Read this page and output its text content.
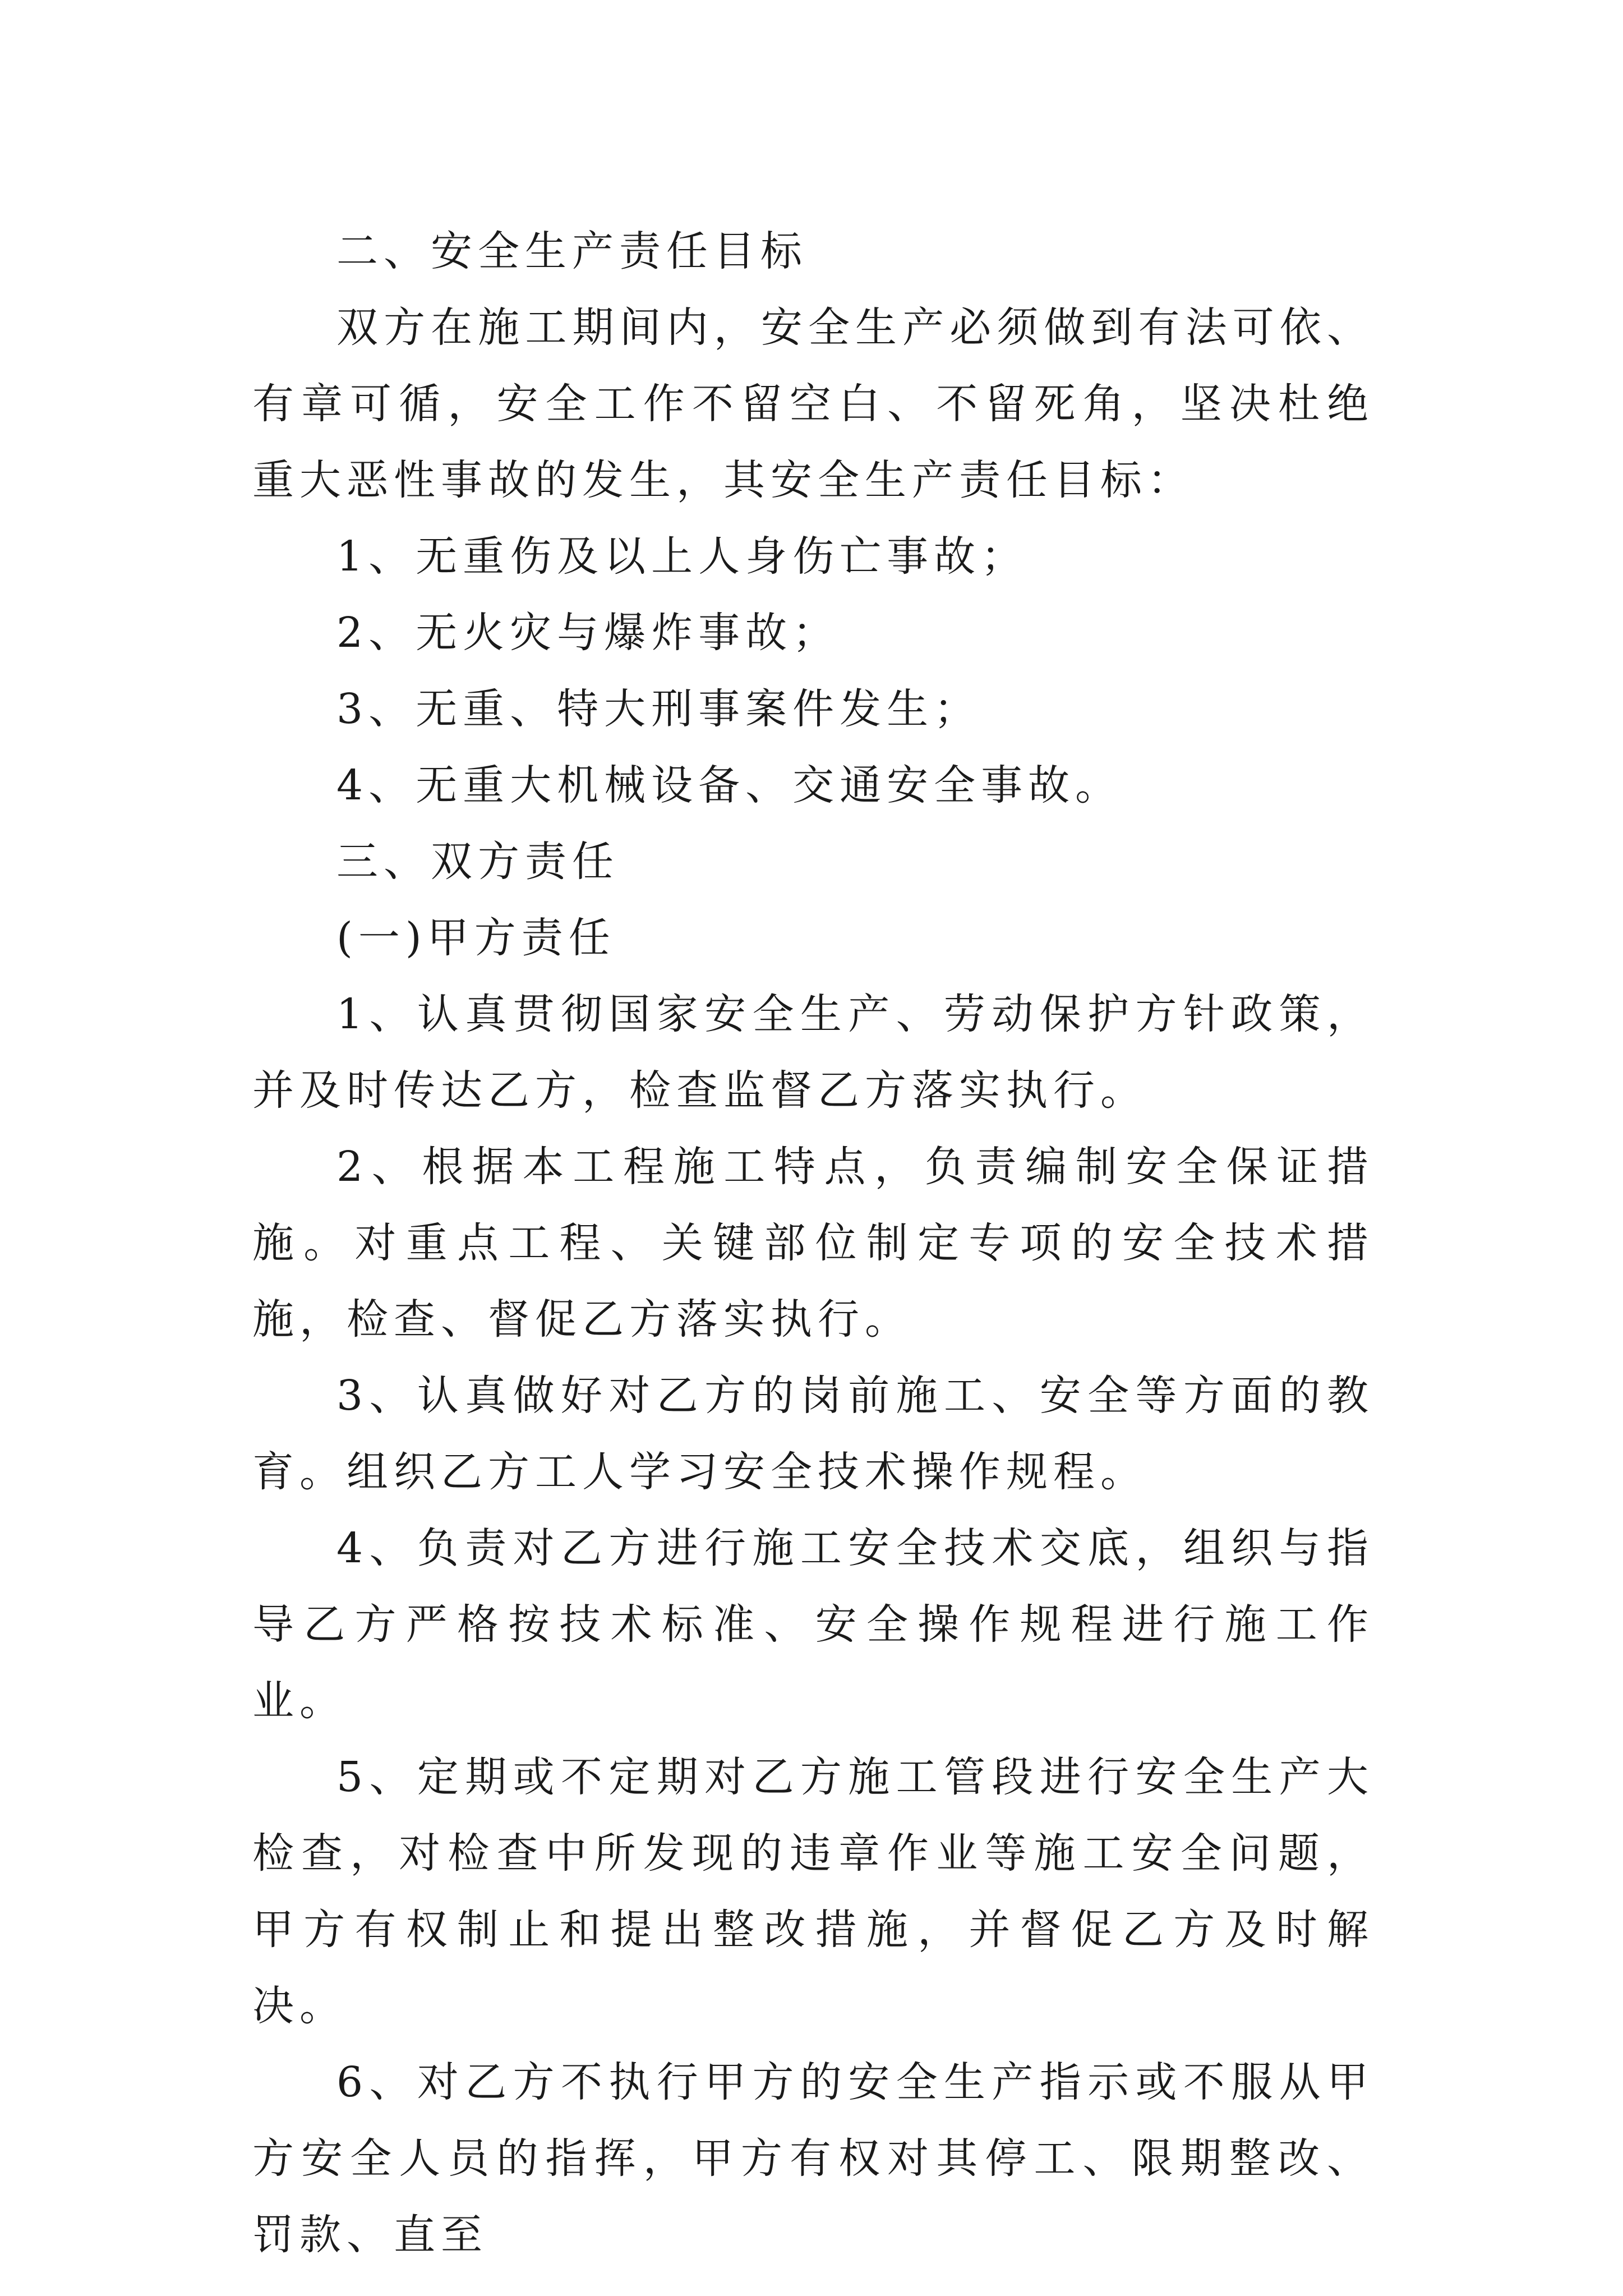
二、安全生产责任目标

双方在施工期间内，安全生产必须做到有法可依、有章可循，安全工作不留空白、不留死角，坚决杜绝重大恶性事故的发生，其安全生产责任目标：

1、无重伤及以上人身伤亡事故；

2、无火灾与爆炸事故；

3、无重、特大刑事案件发生；

4、无重大机械设备、交通安全事故。

三、双方责任

(一)甲方责任

1、认真贯彻国家安全生产、劳动保护方针政策，并及时传达乙方，检查监督乙方落实执行。

2、根据本工程施工特点，负责编制安全保证措施。对重点工程、关键部位制定专项的安全技术措施，检查、督促乙方落实执行。

3、认真做好对乙方的岗前施工、安全等方面的教育。组织乙方工人学习安全技术操作规程。

4、负责对乙方进行施工安全技术交底，组织与指导乙方严格按技术标准、安全操作规程进行施工作业。

5、定期或不定期对乙方施工管段进行安全生产大检查，对检查中所发现的违章作业等施工安全问题，甲方有权制止和提出整改措施，并督促乙方及时解决。

6、对乙方不执行甲方的安全生产指示或不服从甲方安全人员的指挥，甲方有权对其停工、限期整改、罚款、直至
